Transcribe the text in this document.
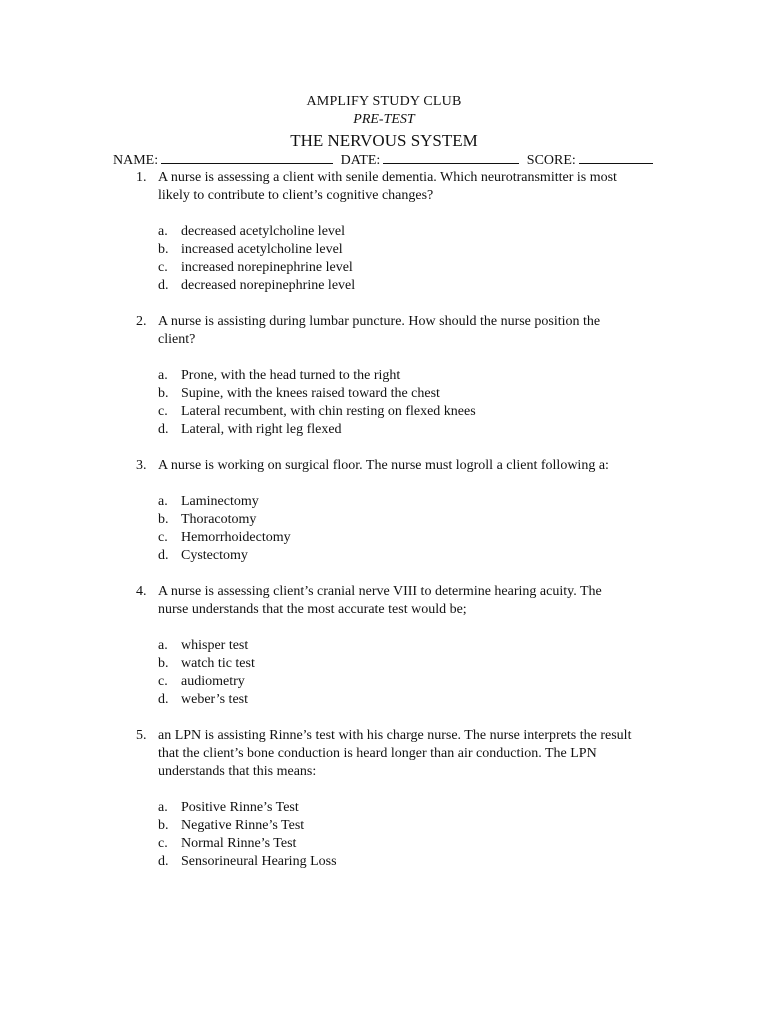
AMPLIFY STUDY CLUB
PRE-TEST
THE NERVOUS SYSTEM
NAME:	DATE:	SCORE:
1. A nurse is assessing a client with senile dementia. Which neurotransmitter is most likely to contribute to client’s cognitive changes?
a. decreased acetylcholine level
b. increased acetylcholine level
c. increased norepinephrine level
d. decreased norepinephrine level
2. A nurse is assisting during lumbar puncture. How should the nurse position the client?
a. Prone, with the head turned to the right
b. Supine, with the knees raised toward the chest
c. Lateral recumbent, with chin resting on flexed knees
d. Lateral, with right leg flexed
3. A nurse is working on surgical floor. The nurse must logroll a client following a:
a. Laminectomy
b. Thoracotomy
c. Hemorrhoidectomy
d. Cystectomy
4. A nurse is assessing client’s cranial nerve VIII to determine hearing acuity. The nurse understands that the most accurate test would be;
a. whisper test
b. watch tic test
c. audiometry
d. weber’s test
5. an LPN is assisting Rinne’s test with his charge nurse. The nurse interprets the result that the client’s bone conduction is heard longer than air conduction. The LPN understands that this means:
a. Positive Rinne’s Test
b. Negative Rinne’s Test
c. Normal Rinne’s Test
d. Sensorineural Hearing Loss
